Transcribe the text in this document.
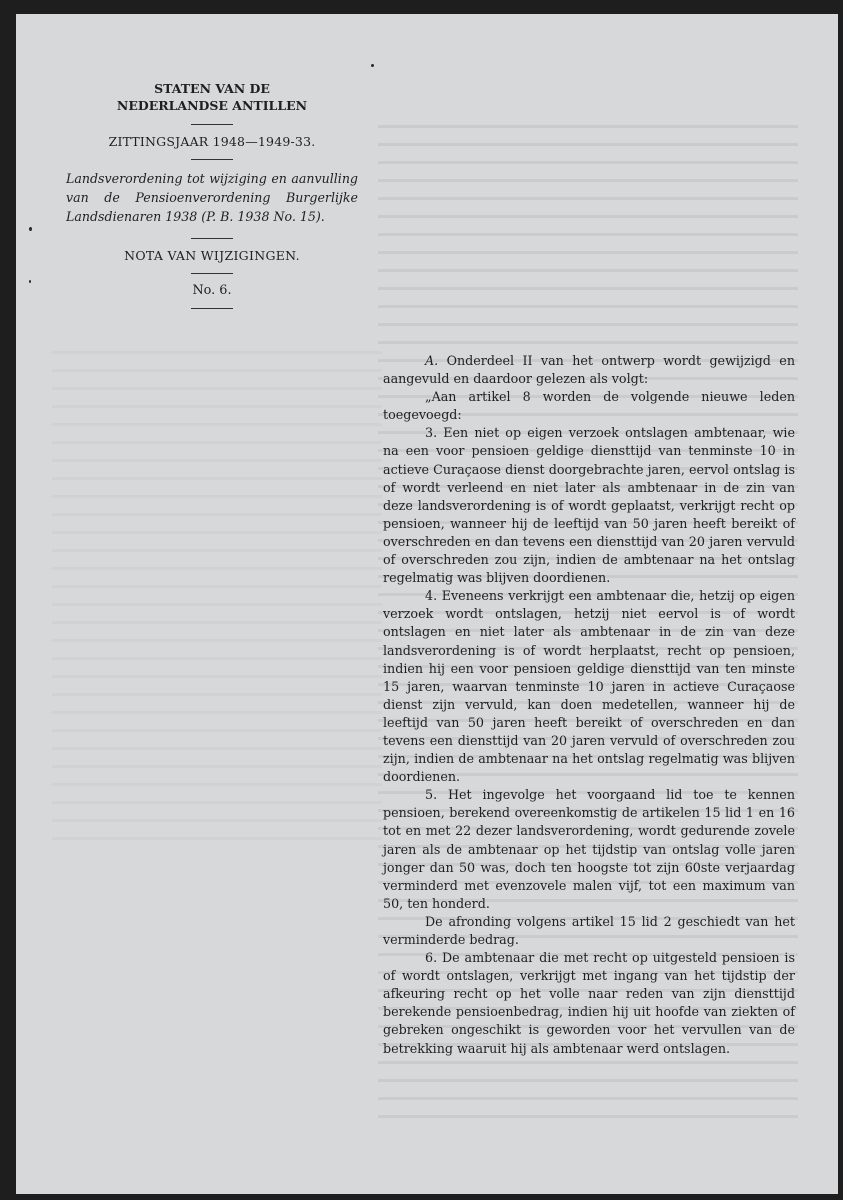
STATEN VAN DE

NEDERLANDSE ANTILLEN

ZITTINGSJAAR 1948—1949-33.

Landsverordening tot wijziging en aanvulling van de Pensioenverordening Burgerlijke Landsdienaren 1938 (P. B. 1938 No. 15).

NOTA VAN WIJZIGINGEN.

No. 6.

A. Onderdeel II van het ontwerp wordt gewijzigd en aangevuld en daardoor gelezen als volgt:

„Aan artikel 8 worden de volgende nieuwe leden toegevoegd:

3. Een niet op eigen verzoek ontslagen ambtenaar, wie na een voor pensioen geldige diensttijd van tenminste 10 in actieve Curaçaose dienst doorgebrachte jaren, eervol ontslag is of wordt verleend en niet later als ambtenaar in de zin van deze landsverordening is of wordt geplaatst, verkrijgt recht op pensioen, wanneer hij de leeftijd van 50 jaren heeft bereikt of overschreden en dan tevens een diensttijd van 20 jaren vervuld of overschreden zou zijn, indien de ambtenaar na het ontslag regelmatig was blijven doordienen.

4. Eveneens verkrijgt een ambtenaar die, hetzij op eigen verzoek wordt ontslagen, hetzij niet eervol is of wordt ontslagen en niet later als ambtenaar in de zin van deze landsverordening is of wordt herplaatst, recht op pensioen, indien hij een voor pensioen geldige diensttijd van ten minste 15 jaren, waarvan tenminste 10 jaren in actieve Curaçaose dienst zijn vervuld, kan doen medetellen, wanneer hij de leeftijd van 50 jaren heeft bereikt of overschreden en dan tevens een diensttijd van 20 jaren vervuld of overschreden zou zijn, indien de ambtenaar na het ontslag regelmatig was blijven doordienen.

5. Het ingevolge het voorgaand lid toe te kennen pensioen, berekend overeenkomstig de artikelen 15 lid 1 en 16 tot en met 22 dezer landsverordening, wordt gedurende zovele jaren als de ambtenaar op het tijdstip van ontslag volle jaren jonger dan 50 was, doch ten hoogste tot zijn 60ste verjaardag verminderd met evenzovele malen vijf, tot een maximum van 50, ten honderd.

De afronding volgens artikel 15 lid 2 geschiedt van het verminderde bedrag.

6. De ambtenaar die met recht op uitgesteld pensioen is of wordt ontslagen, verkrijgt met ingang van het tijdstip der afkeuring recht op het volle naar reden van zijn diensttijd berekende pensioenbedrag, indien hij uit hoofde van ziekten of gebreken ongeschikt is geworden voor het vervullen van de betrekking waaruit hij als ambtenaar werd ontslagen.
